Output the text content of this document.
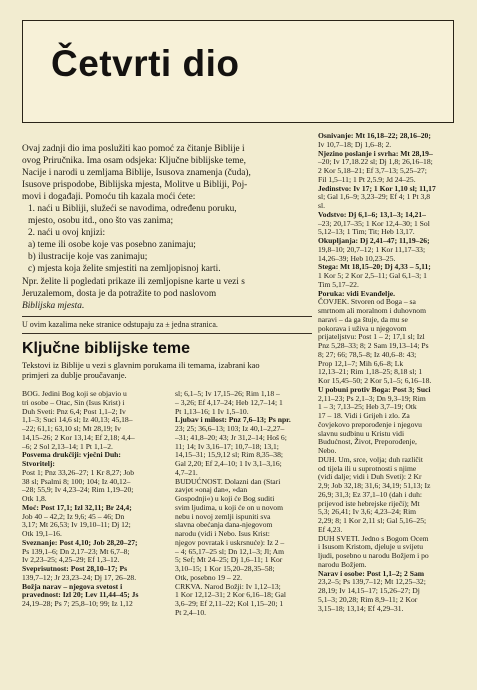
Četvrti dio
Ovaj zadnji dio ima poslužiti kao pomoć za čitanje Biblije i
ovog Priručnika. Ima osam odsjeka: Ključne biblijske teme,
Nacije i narodi u zemljama Biblije, Isusova znamenja (čuda),
Isusove prispodobe, Biblijska mjesta, Molitve u Bibliji, Poj-
movi i događaji. Pomoću tih kazala moći ćete:
1. naći u Bibliji, služeći se navodima, određenu poruku,
mjesto, osobu itd., ono što vas zanima;
2. naći u ovoj knjizi:
a) teme ili osobe koje vas posebno zanimaju;
b) ilustracije koje vas zanimaju;
c) mjesta koja želite smjestiti na zemljopisnoj karti.
Npr. želite li pogledati prikaze ili zemljopisne karte u vezi s
Jeruzalemom, dosta je da potražite to pod naslovom
Biblijska mjesta.
U ovim kazalima neke stranice odstupaju za ± jedna stranica.
Ključne biblijske teme
Tekstovi iz Biblije u vezi s glavnim porukama ili temama, izabrani kao
primjeri za dublje proučavanje.
BOG. Jedini Bog koji se objavio u
tri osobe – Otac, Sin (Isus Krist) i
Duh Sveti: Pnz 6,4; Post 1,1–2; Iv
1,1–3; Suci 14,6 sl; Iz 40,13; 45,18–
–22; 61,1; 63,10 sl; Mt 28,19; Iv
14,15–26; 2 Kor 13,14; Ef 2,18; 4,4–
–6; 2 Sol 2,13–14; 1 Pt 1,1–2.
Posvema drukčiji: vječni Duh:
Stvoritelj:
Post 1; Pnz 33,26–27; 1 Kr 8,27; Job
38 sl; Psalmi 8; 100; 104; Iz 40,12–
–28; 55,9; Iv 4,23–24; Rim 1,19–20;
Otk 1,8.
Moć: Post 17,1; Izl 32,11; Br 24,4;
Job 40 – 42,2; Iz 9,6; 45 – 46; Dn
3,17; Mt 26,53; Iv 19,10–11; Dj 12;
Otk 19,1–16.
Sveznanje: Post 4,10; Job 28,20–27;
Ps 139,1–6; Dn 2,17–23; Mt 6,7–8;
Iv 2,23–25; 4,25–29; Ef 1,3–12.
Sveprisutnost: Post 28,10–17; Ps
139,7–12; Jr 23,23–24; Dj 17, 26–28.
Božja narav – njegova svetost i
pravednost: Izl 20; Lev 11,44–45; Js
24,19–28; Ps 7; 25,8–10; 99; Iz 1,12
sl; 6,1–5; Iv 17,15–26; Rim 1,18 –
– 3,26; Ef 4,17–24; Heb 12,7–14; 1
Pt 1,13–16; 1 Iv 1,5–10.
Ljubav i milost: Pnz 7,6–13; Ps npr.
23; 25; 36,6–13; 103; Iz 40,1–2,27–
–31; 41,8–20; 43; Jr 31,2–14; Hoš 6;
11; 14; Iv 3,16–17; 10,7–18; 13,1;
14,15–31; 15,9,12 sl; Rim 8,35–38;
Gal 2,20; Ef 2,4–10; 1 Iv 3,1–3,16;
4,7–21.
BUDUĆNOST. Dolazni dan (Stari
zavjet »onaj dan«, »dan
Gospodnji«) u koji će Bog suditi
svim ljudima, u koji će on u novom
nebu i novoj zemlji ispuniti sva
slavna obećanja dana-njegovom
narodu (vidi i Nebo. Isus Krist:
njegov povratak i uskrsnuće): Iz 2 –
– 4; 65,17–25 sl; Dn 12,1–3; Jl; Am
5; Sef; Mt 24–25; Dj 1,6–11; 1 Kor
3,10–15; 1 Kor 15,20–28,35–58;
Otk, posebno 19 – 22.
CRKVA. Narod Božji: Iv 1,12–13;
1 Kor 12,12–31; 2 Kor 6,16–18; Gal
3,6–29; Ef 2,11–22; Kol 1,15–20; 1
Pt 2,4–10.
Osnivanje: Mt 16,18–22; 28,16–20;
Iv 10,7–18; Dj 1,6–8; 2.
Njezino poslanje i svrha: Mt 28,19–
–20; Iv 17,18.22 sl; Dj 1,8; 26,16–18;
2 Kor 5,18–21; Ef 3,7–13; 5,25–27;
Fil 1,5–11; 1 Pt 2,5.9; Jd 24–25.
Jedinstvo: Iv 17; 1 Kor 1,10 sl; 11,17
sl; Gal 1,6–9; 3,23–29; Ef 4; 1 Pt 3,8
sl.
Vodstvo: Dj 6,1–6; 13,1–3; 14,21–
–23; 20,17–35; 1 Kor 12,4–30; 1 Sol
5,12–13; 1 Tim; Tit; Heb 13,17.
Okupljanja: Dj 2,41–47; 11,19–26;
19,8–10; 20,7–12; 1 Kor 11,17–33;
14,26–39; Heb 10,23–25.
Stega: Mt 18,15–20; Dj 4,33 – 5,11;
1 Kor 5; 2 Kor 2,5–11; Gal 6,1–3; 1
Tim 5,17–22.
Poruka: vidi Evanđelje.
ČOVJEK. Stvoren od Boga – sa
smrtnom ali moralnom i duhovnom
naravi – da ga štuje, da mu se
pokorava i uživa u njegovom
prijateljstvu: Post 1 – 2; 17,1 sl; Izl
Pnz 5,28–33; 8; 2 Sam 19,13–14; Ps
8; 27; 66; 78,5–8; Iz 40,6–8: 43;
Prop 12,1–7; Mih 6,6–8; Lk
12,13–21; Rim 1,18–25; 8,18 sl; 1
Kor 15,45–50; 2 Kor 5,1–5; 6,16–18.
U pobuni protiv Boga: Post 3; Suci
2,11–23; Ps 2,1–3; Dn 9,3–19; Rim
1 – 3; 7,13–25; Heb 3,7–19; Otk
17 – 18. Vidi i Grijeh i zlo. Za
čovjekovo preporođenje i njegovu
slavnu sudbinu u Kristu vidi
Budućnost, Život, Preporođenje,
Nebo.
DUH. Um, srce, volja; duh različit
od tijela ili u suprotnosti s njime
(vidi dalje; vidi i Duh Sveti): 2 Kr
2,9; Job 32,18; 31,6; 34,19; 51,13; Iz
26,9; 31,3; Ez 37,1–10 (dah i duh:
prijevod iste hebrejske riječi); Mt
5,3; 26,41; Iv 3,6; 4,23–24; Rim
2,29; 8; 1 Kor 2,11 sl; Gal 5,16–25;
Ef 4,23.
DUH SVETI. Jedno s Bogom Ocem
i Isusom Kristom, djeluje u svijetu
ljudi, posebno u narodu Božjem i po
narodu Božjem.
Narav i osobe: Post 1,1–2; 2 Sam
23,2–5; Ps 139,7–12; Mt 12,25–32;
28,19; Iv 14,15–17; 15,26–27; Dj
5,1–3; 20,28; Rim 8,9–11; 2 Kor
3,15–18; 13,14; Ef 4,29–31.
